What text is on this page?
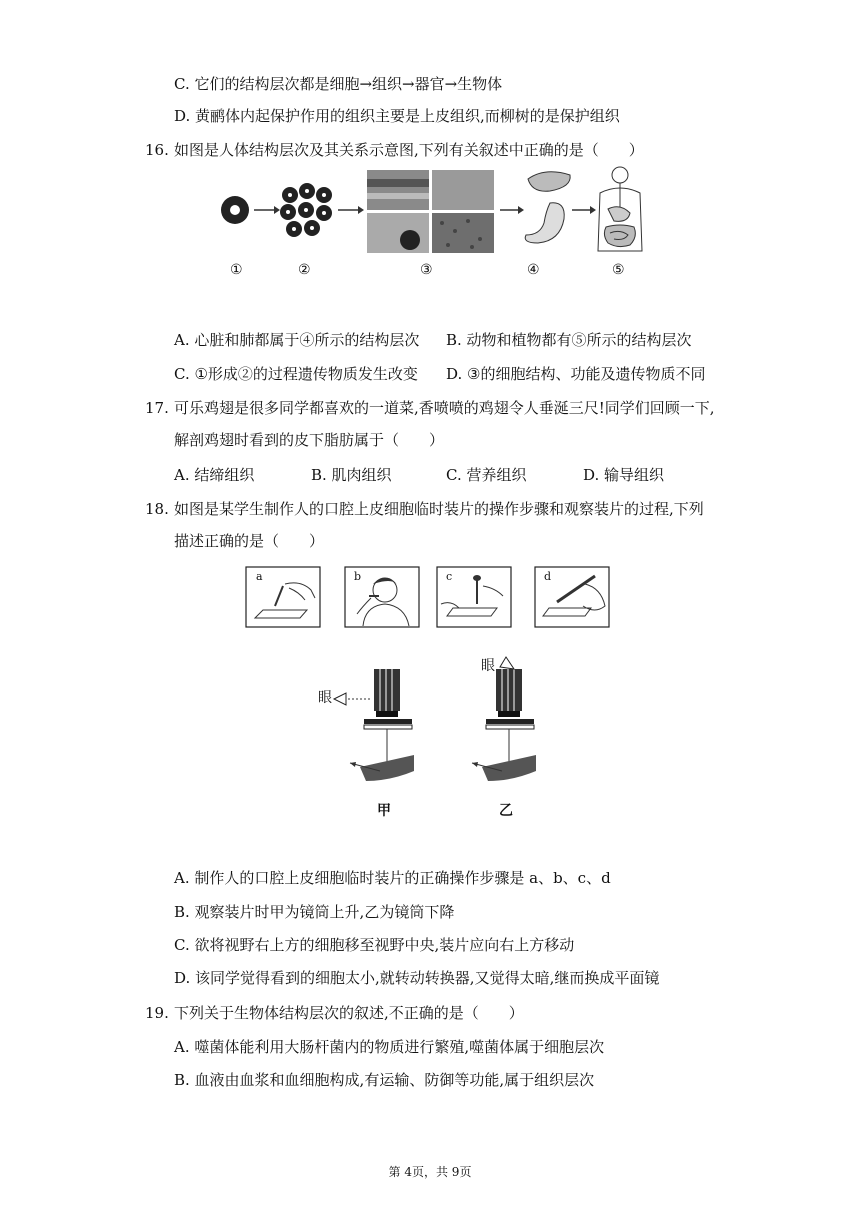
C. 它们的结构层次都是细胞→组织→器官→生物体
D. 黄鹂体内起保护作用的组织主要是上皮组织,而柳树的是保护组织
16. 如图是人体结构层次及其关系示意图,下列有关叙述中正确的是（　　）
①	②	③	④	⑤
A. 心脏和肺都属于④所示的结构层次 B. 动物和植物都有⑤所示的结构层次
C. ①形成②的过程遗传物质发生改变 D. ③的细胞结构、功能及遗传物质不同
17. 可乐鸡翅是很多同学都喜欢的一道菜,香喷喷的鸡翅令人垂涎三尺!同学们回顾一下,
解剖鸡翅时看到的皮下脂肪属于（　　）
A. 结缔组织	B. 肌肉组织	C. 营养组织	D. 输导组织
18. 如图是某学生制作人的口腔上皮细胞临时装片的操作步骤和观察装片的过程,下列
描述正确的是（　　）
a	b	c	d
眼
眼
甲	乙
A. 制作人的口腔上皮细胞临时装片的正确操作步骤是 a、b、c、d
B. 观察装片时甲为镜筒上升,乙为镜筒下降
C. 欲将视野右上方的细胞移至视野中央,装片应向右上方移动
D. 该同学觉得看到的细胞太小,就转动转换器,又觉得太暗,继而换成平面镜
19. 下列关于生物体结构层次的叙述,不正确的是（　　）
A. 噬菌体能利用大肠杆菌内的物质进行繁殖,噬菌体属于细胞层次
B. 血液由血浆和血细胞构成,有运输、防御等功能,属于组织层次
第 4页，共 9页
